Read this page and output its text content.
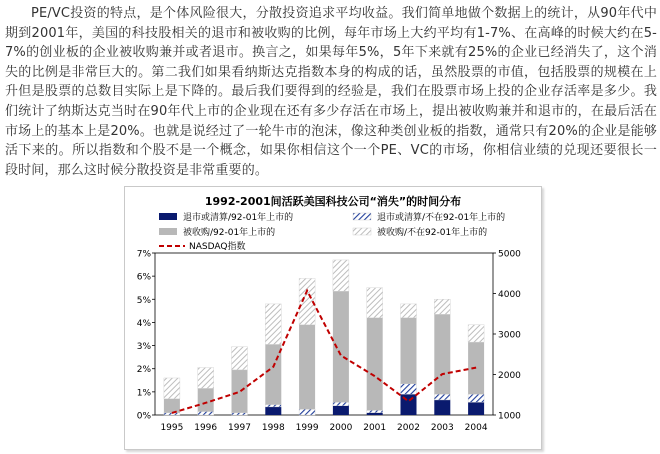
PE/VC投资的特点，是个体风险很大，分散投资追求平均收益。我们简单地做个数据上的统计，从90年代中期到2001年，美国的科技股相关的退市和被收购的比例，每年市场上大约平均有1-7%、在高峰的时候大约在5-7%的创业板的企业被收购兼并或者退市。换言之，如果每年5%，5年下来就有25%的企业已经消失了，这个消失的比例是非常巨大的。第二我们如果看纳斯达克指数本身的构成的话，虽然股票的市值，包括股票的规模在上升但是股票的总数目实际上是下降的。最后我们要得到的经验是，我们在股票市场上投的企业存活率是多少。我们统计了纳斯达克当时在90年代上市的企业现在还有多少存活在市场上，提出被收购兼并和退市的，在最后活在市场上的基本上是20%。也就是说经过了一轮牛市的泡沫，像这种类创业板的指数，通常只有20%的企业是能够活下来的。所以指数和个股不是一个概念，如果你相信这个一个PE、VC的市场，你相信业绩的兑现还要很长一段时间，那么这时候分散投资是非常重要的。

1992-2001间活跃美国科技公司“消失”的时间分布
退市或清算/92-01年上市的	退市或清算/不在92-01年上市的
被收购/92-01年上市的	被收购/不在92-01年上市的
NASDAQ指数
0%
1%
2%
3%
4%
5%
6%
7%
1000
2000
3000
4000
5000
1995 1996 1997 1998 1999 2000 2001 2002 2003 2004
